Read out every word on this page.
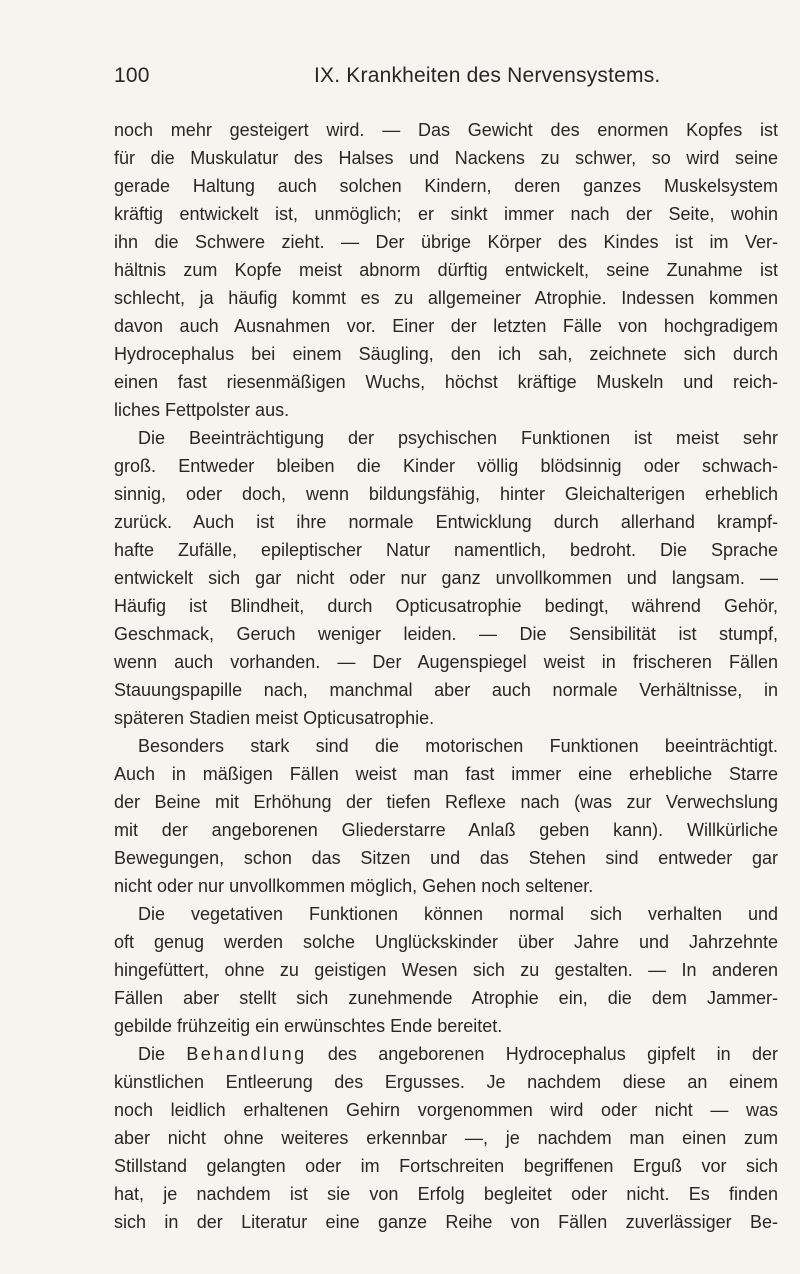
100	IX. Krankheiten des Nervensystems.
noch mehr gesteigert wird. — Das Gewicht des enormen Kopfes ist
für die Muskulatur des Halses und Nackens zu schwer, so wird seine
gerade Haltung auch solchen Kindern, deren ganzes Muskelsystem
kräftig entwickelt ist, unmöglich; er sinkt immer nach der Seite, wohin
ihn die Schwere zieht. — Der übrige Körper des Kindes ist im Ver-
hältnis zum Kopfe meist abnorm dürftig entwickelt, seine Zunahme ist
schlecht, ja häufig kommt es zu allgemeiner Atrophie. Indessen kommen
davon auch Ausnahmen vor. Einer der letzten Fälle von hochgradigem
Hydrocephalus bei einem Säugling, den ich sah, zeichnete sich durch
einen fast riesenmäßigen Wuchs, höchst kräftige Muskeln und reich-
liches Fettpolster aus.
Die Beeinträchtigung der psychischen Funktionen ist meist sehr
groß. Entweder bleiben die Kinder völlig blödsinnig oder schwach-
sinnig, oder doch, wenn bildungsfähig, hinter Gleichalterigen erheblich
zurück. Auch ist ihre normale Entwicklung durch allerhand krampf-
hafte Zufälle, epileptischer Natur namentlich, bedroht. Die Sprache
entwickelt sich gar nicht oder nur ganz unvollkommen und langsam. —
Häufig ist Blindheit, durch Opticusatrophie bedingt, während Gehör,
Geschmack, Geruch weniger leiden. — Die Sensibilität ist stumpf,
wenn auch vorhanden. — Der Augenspiegel weist in frischeren Fällen
Stauungspapille nach, manchmal aber auch normale Verhältnisse, in
späteren Stadien meist Opticusatrophie.
Besonders stark sind die motorischen Funktionen beeinträchtigt.
Auch in mäßigen Fällen weist man fast immer eine erhebliche Starre
der Beine mit Erhöhung der tiefen Reflexe nach (was zur Verwechslung
mit der angeborenen Gliederstarre Anlaß geben kann). Willkürliche
Bewegungen, schon das Sitzen und das Stehen sind entweder gar
nicht oder nur unvollkommen möglich, Gehen noch seltener.
Die vegetativen Funktionen können normal sich verhalten und
oft genug werden solche Unglückskinder über Jahre und Jahrzehnte
hingefüttert, ohne zu geistigen Wesen sich zu gestalten. — In anderen
Fällen aber stellt sich zunehmende Atrophie ein, die dem Jammer-
gebilde frühzeitig ein erwünschtes Ende bereitet.
Die Behandlung des angeborenen Hydrocephalus gipfelt in der
künstlichen Entleerung des Ergusses. Je nachdem diese an einem
noch leidlich erhaltenen Gehirn vorgenommen wird oder nicht — was
aber nicht ohne weiteres erkennbar —, je nachdem man einen zum
Stillstand gelangten oder im Fortschreiten begriffenen Erguß vor sich
hat, je nachdem ist sie von Erfolg begleitet oder nicht. Es finden
sich in der Literatur eine ganze Reihe von Fällen zuverlässiger Be-
